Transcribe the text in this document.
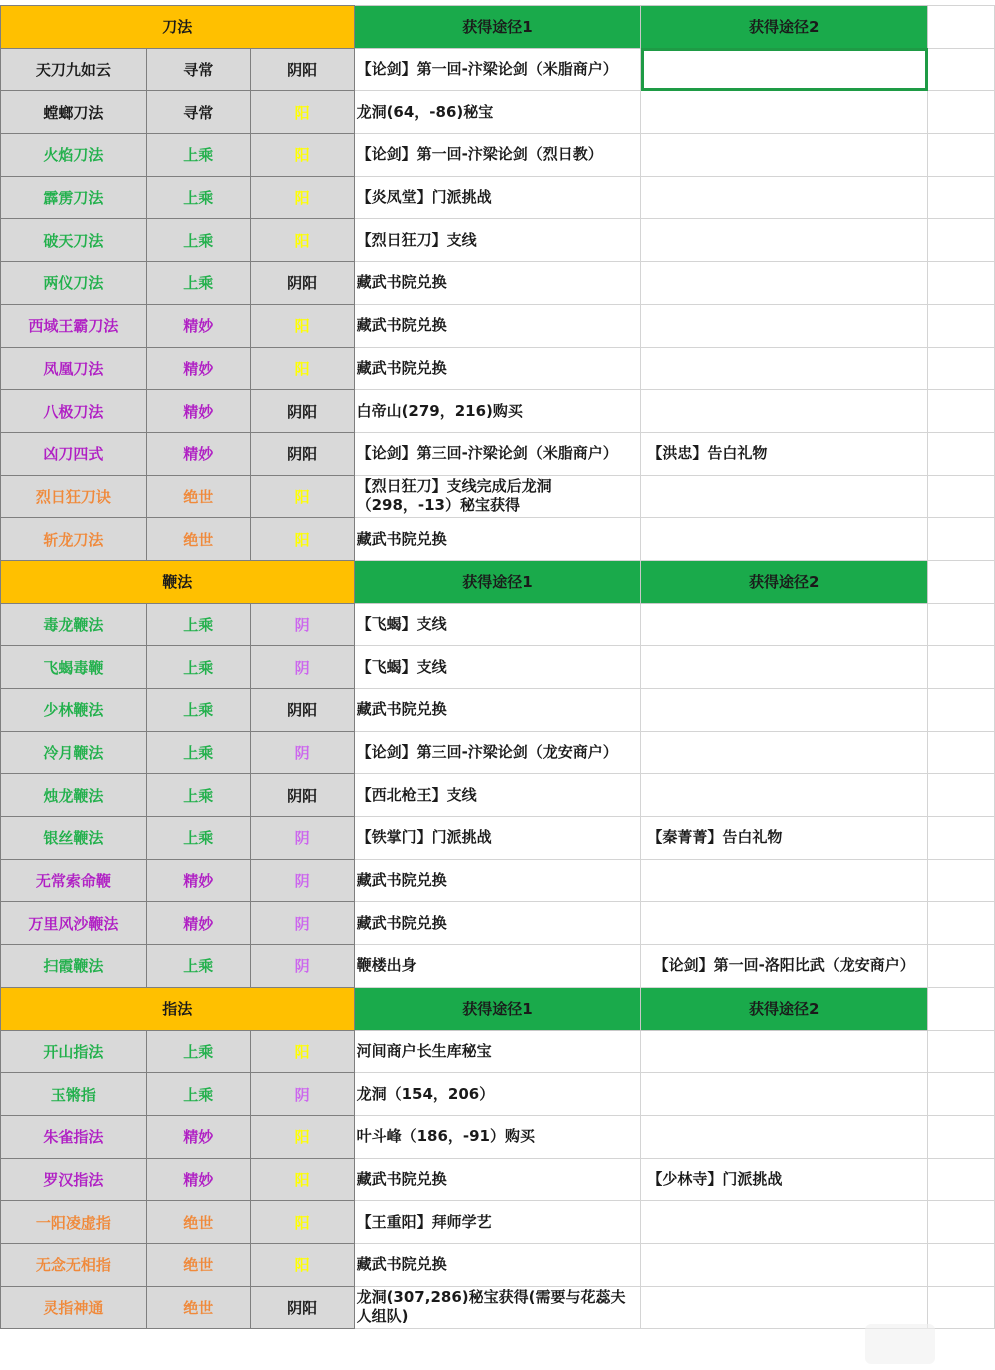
刀法			获得途径1	获得途径2	
天刀九如云	寻常	阴阳	【论剑】第一回-汴梁论剑（米脂商户）		
螳螂刀法	寻常	阳	龙洞(64，-86)秘宝		
火焰刀法	上乘	阳	【论剑】第一回-汴梁论剑（烈日教）		
霹雳刀法	上乘	阳	【炎凤堂】门派挑战		
破天刀法	上乘	阳	【烈日狂刀】支线		
两仪刀法	上乘	阴阳	藏武书院兑换		
西域王霸刀法	精妙	阳	藏武书院兑换		
凤凰刀法	精妙	阳	藏武书院兑换		
八极刀法	精妙	阴阳	白帝山(279，216)购买		
凶刀四式	精妙	阴阳	【论剑】第三回-汴梁论剑（米脂商户）	【洪忠】告白礼物	
烈日狂刀诀	绝世	阳	【烈日狂刀】支线完成后龙洞（298，-13）秘宝获得		
斩龙刀法	绝世	阳	藏武书院兑换		
鞭法			获得途径1	获得途径2	
毒龙鞭法	上乘	阴	【飞蝎】支线		
飞蝎毒鞭	上乘	阴	【飞蝎】支线		
少林鞭法	上乘	阴阳	藏武书院兑换		
冷月鞭法	上乘	阴	【论剑】第三回-汴梁论剑（龙安商户）		
烛龙鞭法	上乘	阴阳	【西北枪王】支线		
银丝鞭法	上乘	阴	【铁掌门】门派挑战	【秦菁菁】告白礼物	
无常索命鞭	精妙	阴	藏武书院兑换		
万里风沙鞭法	精妙	阴	藏武书院兑换		
扫霞鞭法	上乘	阴	鞭楼出身	【论剑】第一回-洛阳比武（龙安商户）	
指法			获得途径1	获得途径2	
开山指法	上乘	阳	河间商户长生库秘宝		
玉锵指	上乘	阴	龙洞（154，206）		
朱雀指法	精妙	阳	叶斗峰（186，-91）购买		
罗汉指法	精妙	阳	藏武书院兑换	【少林寺】门派挑战	
一阳凌虚指	绝世	阳	【王重阳】拜师学艺		
无念无相指	绝世	阳	藏武书院兑换		
灵指神通	绝世	阴阳	龙洞(307,286)秘宝获得(需要与花蕊夫人组队)		
